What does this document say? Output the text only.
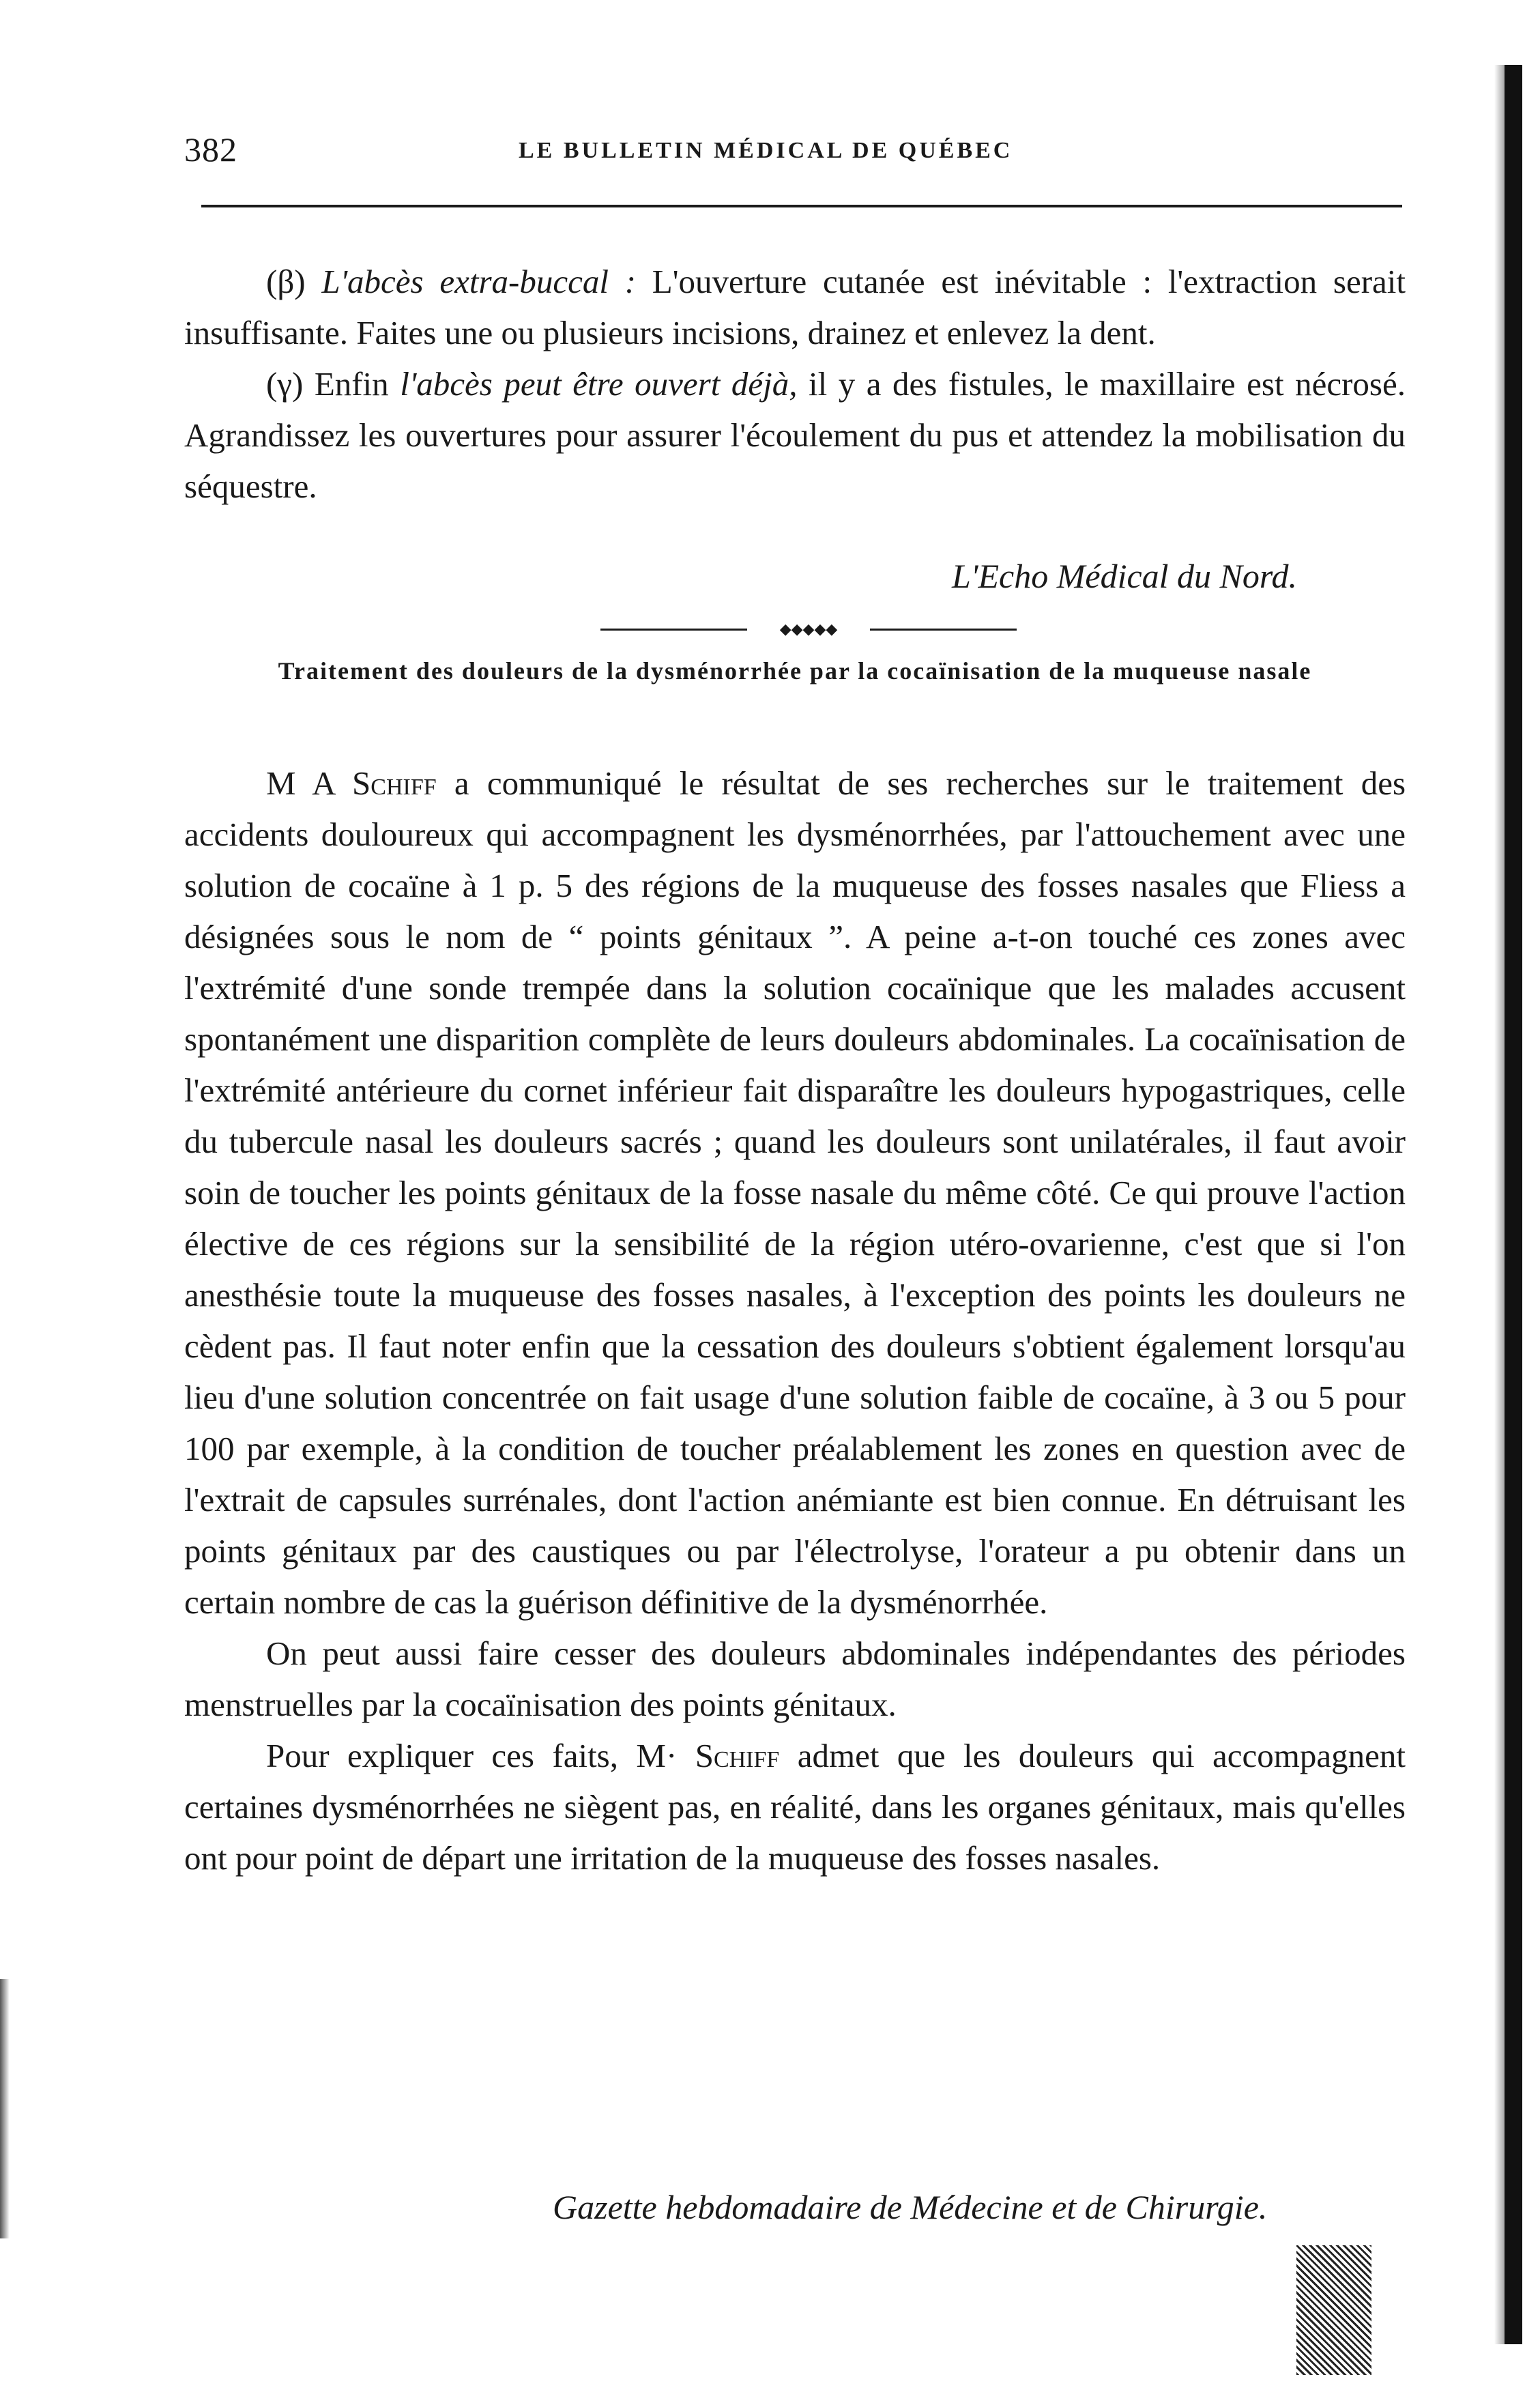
382	LE BULLETIN MÉDICAL DE QUÉBEC

(β) L'abcès extra-buccal : L'ouverture cutanée est inévitable : l'extraction serait insuffisante. Faites une ou plusieurs incisions, drainez et enlevez la dent.

(γ) Enfin l'abcès peut être ouvert déjà, il y a des fistules, le maxillaire est nécrosé. Agrandissez les ouvertures pour assurer l'écoulement du pus et attendez la mobilisation du séquestre.

L'Echo Médical du Nord.
◆◆◆◆◆
Traitement des douleurs de la dysménorrhée par la cocaïnisation de la muqueuse nasale

M A Schiff a communiqué le résultat de ses recherches sur le traitement des accidents douloureux qui accompagnent les dysménorrhées, par l'attouchement avec une solution de cocaïne à 1 p. 5 des régions de la muqueuse des fosses nasales que Fliess a désignées sous le nom de “ points génitaux ”. A peine a-t-on touché ces zones avec l'extrémité d'une sonde trempée dans la solution cocaïnique que les malades accusent spontanément une disparition complète de leurs douleurs abdominales. La cocaïnisation de l'extrémité antérieure du cornet inférieur fait disparaître les douleurs hypogastriques, celle du tubercule nasal les douleurs sacrés ; quand les douleurs sont unilatérales, il faut avoir soin de toucher les points génitaux de la fosse nasale du même côté. Ce qui prouve l'action élective de ces régions sur la sensibilité de la région utéro-ovarienne, c'est que si l'on anesthésie toute la muqueuse des fosses nasales, à l'exception des points les douleurs ne cèdent pas. Il faut noter enfin que la cessation des douleurs s'obtient également lorsqu'au lieu d'une solution concentrée on fait usage d'une solution faible de cocaïne, à 3 ou 5 pour 100 par exemple, à la condition de toucher préalablement les zones en question avec de l'extrait de capsules surrénales, dont l'action anémiante est bien connue. En détruisant les points génitaux par des caustiques ou par l'électrolyse, l'orateur a pu obtenir dans un certain nombre de cas la guérison définitive de la dysménorrhée.

On peut aussi faire cesser des douleurs abdominales indépendantes des périodes menstruelles par la cocaïnisation des points génitaux.

Pour expliquer ces faits, M· Schiff admet que les douleurs qui accompagnent certaines dysménorrhées ne siègent pas, en réalité, dans les organes génitaux, mais qu'elles ont pour point de départ une irritation de la muqueuse des fosses nasales.

Gazette hebdomadaire de Médecine et de Chirurgie.
